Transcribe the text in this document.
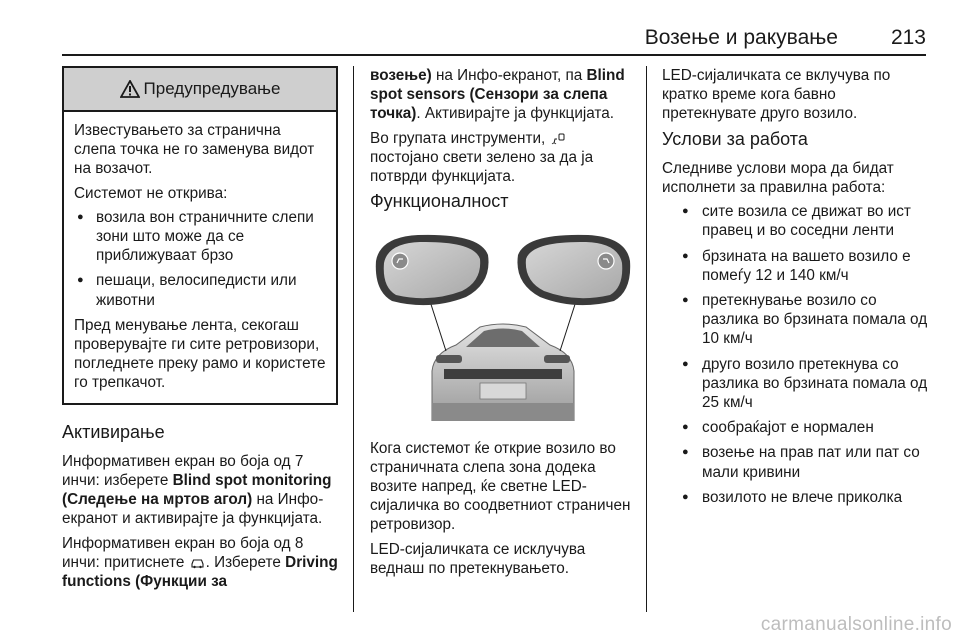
Возење и ракување	213
Предупредување

Известувањето за странична слепа точка не го заменува видот на возачот.

Системот не открива:

● возила вон страничните слепи зони што може да се приближуваат брзо
● пешаци, велосипедисти или животни

Пред менување лента, секогаш проверувајте ги сите ретровизори, погледнете преку рамо и користете го трепкачот.

Активирање

Информативен екран во боја од 7 инчи: изберете Blind spot monitoring (Следење на мртов агол) на Инфо-екранот и активирајте ја функцијата.

Информативен екран во боја од 8 инчи: притиснете . Изберете Driving functions (Функции за

возење) на Инфо-екранот, па Blind spot sensors (Сензори за слепа точка). Активирајте ја функцијата.

Во групата инструменти,  постојано свети зелено за да ја потврди функцијата.

Функционалност

Кога системот ќе открие возило во страничната слепа зона додека возите напред, ќе светне LED-сијаличка во соодветниот страничен ретровизор.

LED-сијаличката се исклучува веднаш по претекнувањето.

LED-сијаличката се вклучува по кратко време кога бавно претекнувате друго возило.

Услови за работа

Следниве услови мора да бидат исполнети за правилна работа:

● сите возила се движат во ист правец и во соседни ленти
● брзината на вашето возило е помеѓу 12 и 140 км/ч
● претекнување возило со разлика во брзината помала од 10 км/ч
● друго возило претекнува со разлика во брзината помала од 25 км/ч
● сообраќајот е нормален
● возење на прав пат или пат со мали кривини
● возилото не влече приколка
carmanualsonline.info
